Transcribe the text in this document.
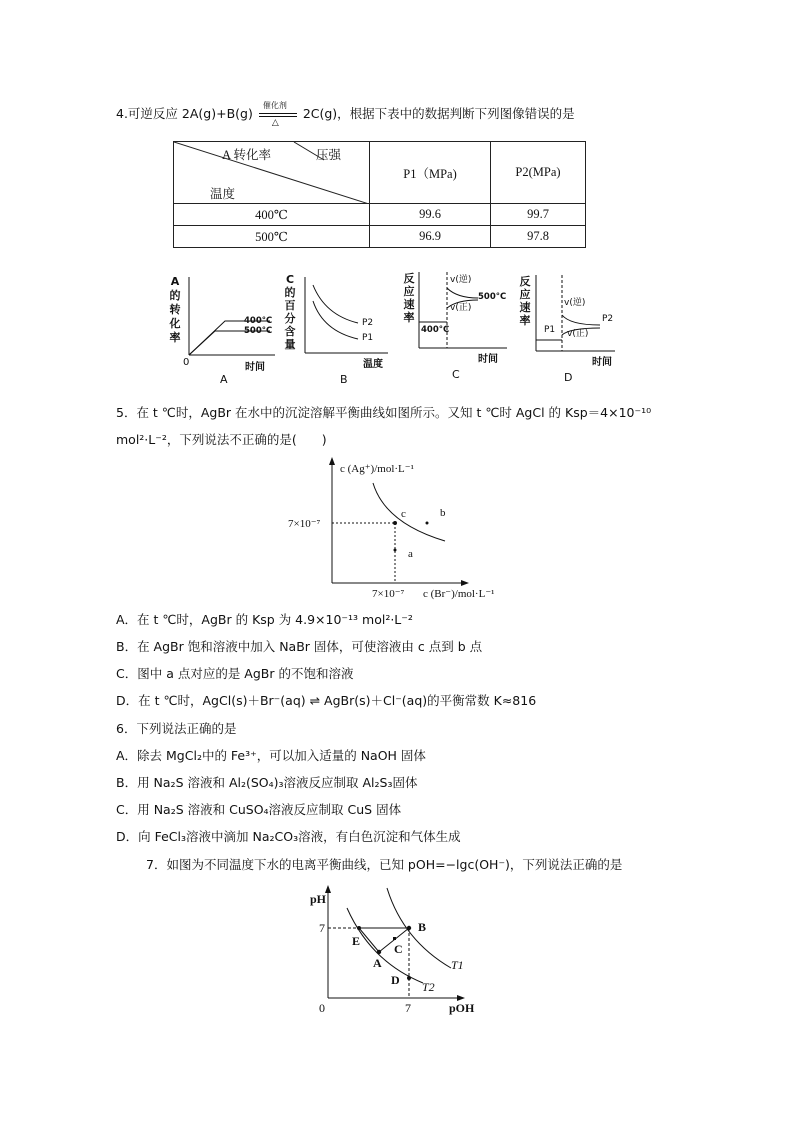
4.可逆反应 2A(g)+B(g)
催化剂
△
2C(g)，根据下表中的数据判断下列图像错误的是
A 转化率 压强
温度	P1（MPa)	P2(MPa)
400℃	99.6	99.7
500℃	96.9	97.8
A
的
转
化
率
400°C
500°C
0	时间
A
C
的
百
分
含
量
P2
P1
温度
B
反
应
速
率
v(逆)
v(正)
500°C
400°C
时间
C
反
应
速
率
v(逆)
v(正)
P1
P2
时间
D
5．在 t ℃时，AgBr 在水中的沉淀溶解平衡曲线如图所示。又知 t ℃时 AgCl 的 Ksp＝4×10⁻¹⁰
mol²·L⁻²，下列说法不正确的是(　　)
c (Ag⁺)/mol·L⁻¹
7×10⁻⁷
7×10⁻⁷ c (Br⁻)/mol·L⁻¹
c	b
a
A．在 t ℃时，AgBr 的 Ksp 为 4.9×10⁻¹³ mol²·L⁻²
B．在 AgBr 饱和溶液中加入 NaBr 固体，可使溶液由 c 点到 b 点
C．图中 a 点对应的是 AgBr 的不饱和溶液
D．在 t ℃时，AgCl(s)＋Br⁻(aq) ⇌ AgBr(s)＋Cl⁻(aq)的平衡常数 K≈816
6．下列说法正确的是
A．除去 MgCl₂中的 Fe³⁺，可以加入适量的 NaOH 固体
B．用 Na₂S 溶液和 Al₂(SO₄)₃溶液反应制取 Al₂S₃固体
C．用 Na₂S 溶液和 CuSO₄溶液反应制取 CuS 固体
D．向 FeCl₃溶液中滴加 Na₂CO₃溶液，有白色沉淀和气体生成
7．如图为不同温度下水的电离平衡曲线，已知 pOH=−lgc(OH⁻)，下列说法正确的是
pH
7
0	7	pOH
E
B
C
A
D
T1
T2
